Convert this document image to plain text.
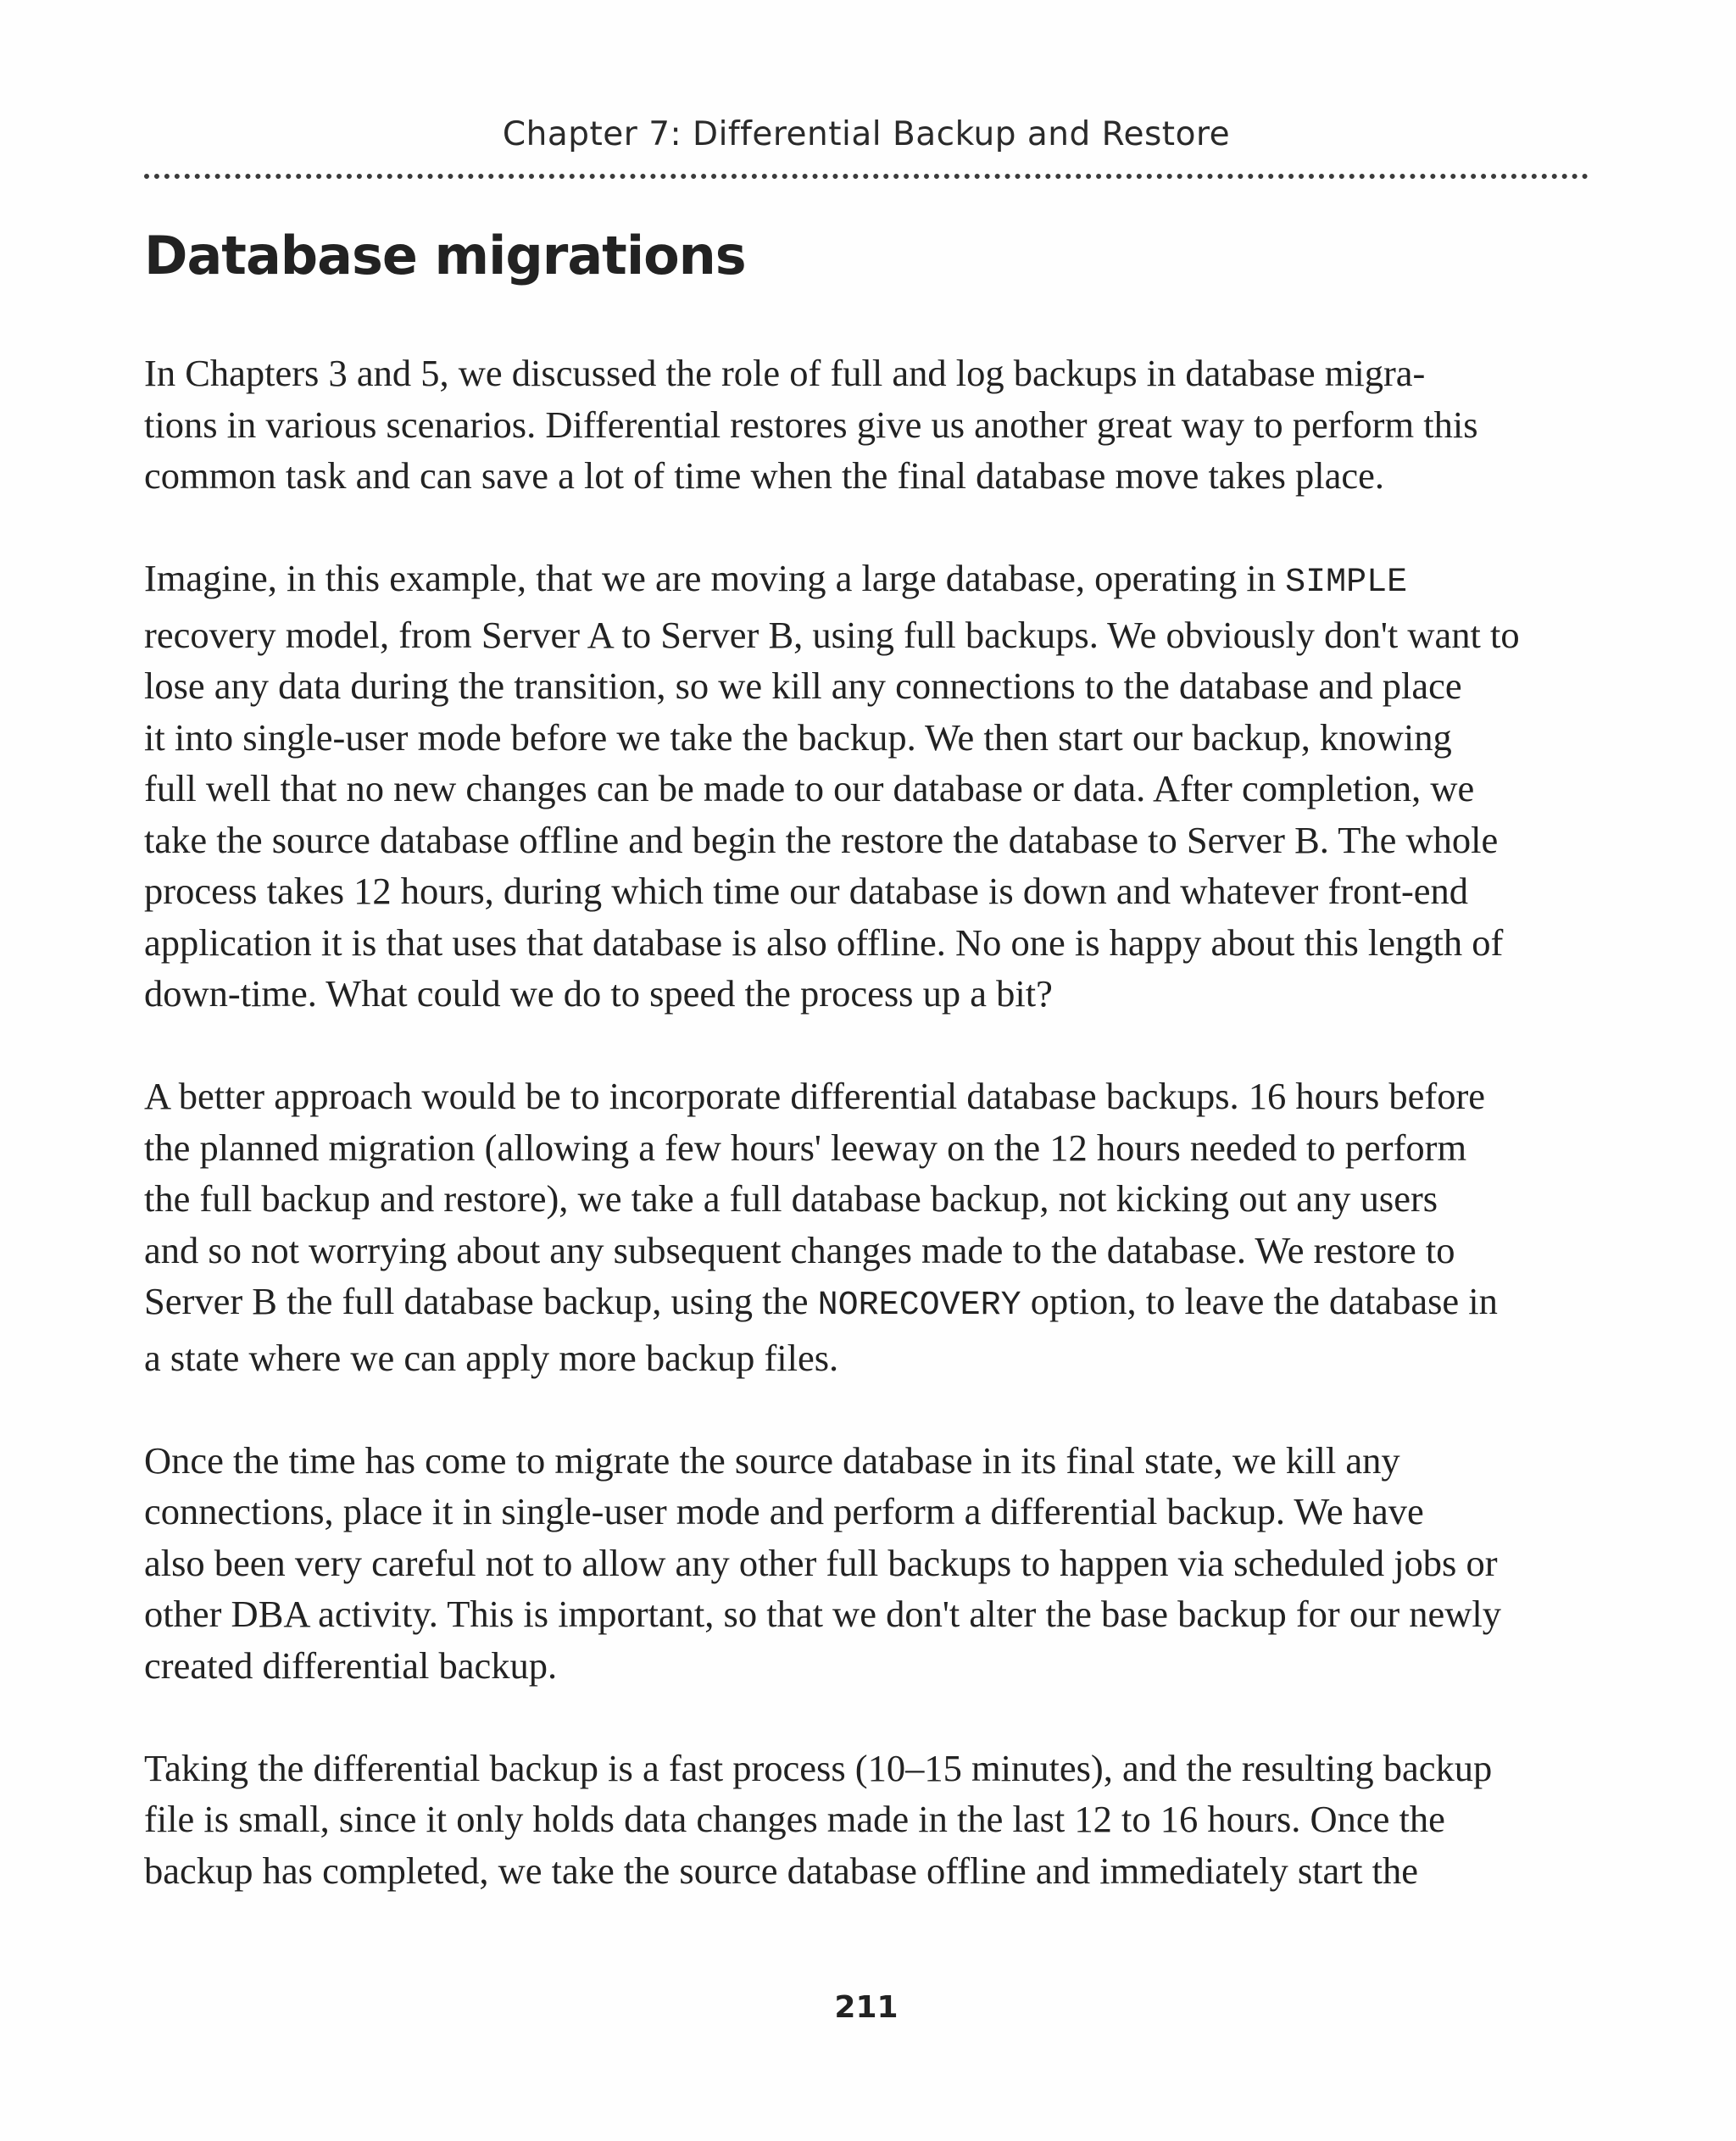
Chapter 7: Differential Backup and Restore
Database migrations

In Chapters 3 and 5, we discussed the role of full and log backups in database migra-
tions in various scenarios. Differential restores give us another great way to perform this
common task and can save a lot of time when the final database move takes place.

Imagine, in this example, that we are moving a large database, operating in SIMPLE
recovery model, from Server A to Server B, using full backups. We obviously don't want to
lose any data during the transition, so we kill any connections to the database and place
it into single-user mode before we take the backup. We then start our backup, knowing
full well that no new changes can be made to our database or data. After completion, we
take the source database offline and begin the restore the database to Server B. The whole
process takes 12 hours, during which time our database is down and whatever front-end
application it is that uses that database is also offline. No one is happy about this length of
down-time. What could we do to speed the process up a bit?

A better approach would be to incorporate differential database backups. 16 hours before
the planned migration (allowing a few hours' leeway on the 12 hours needed to perform
the full backup and restore), we take a full database backup, not kicking out any users
and so not worrying about any subsequent changes made to the database. We restore to
Server B the full database backup, using the NORECOVERY option, to leave the database in
a state where we can apply more backup files.

Once the time has come to migrate the source database in its final state, we kill any
connections, place it in single-user mode and perform a differential backup. We have
also been very careful not to allow any other full backups to happen via scheduled jobs or
other DBA activity. This is important, so that we don't alter the base backup for our newly
created differential backup.

Taking the differential backup is a fast process (10–15 minutes), and the resulting backup
file is small, since it only holds data changes made in the last 12 to 16 hours. Once the
backup has completed, we take the source database offline and immediately start the

211
